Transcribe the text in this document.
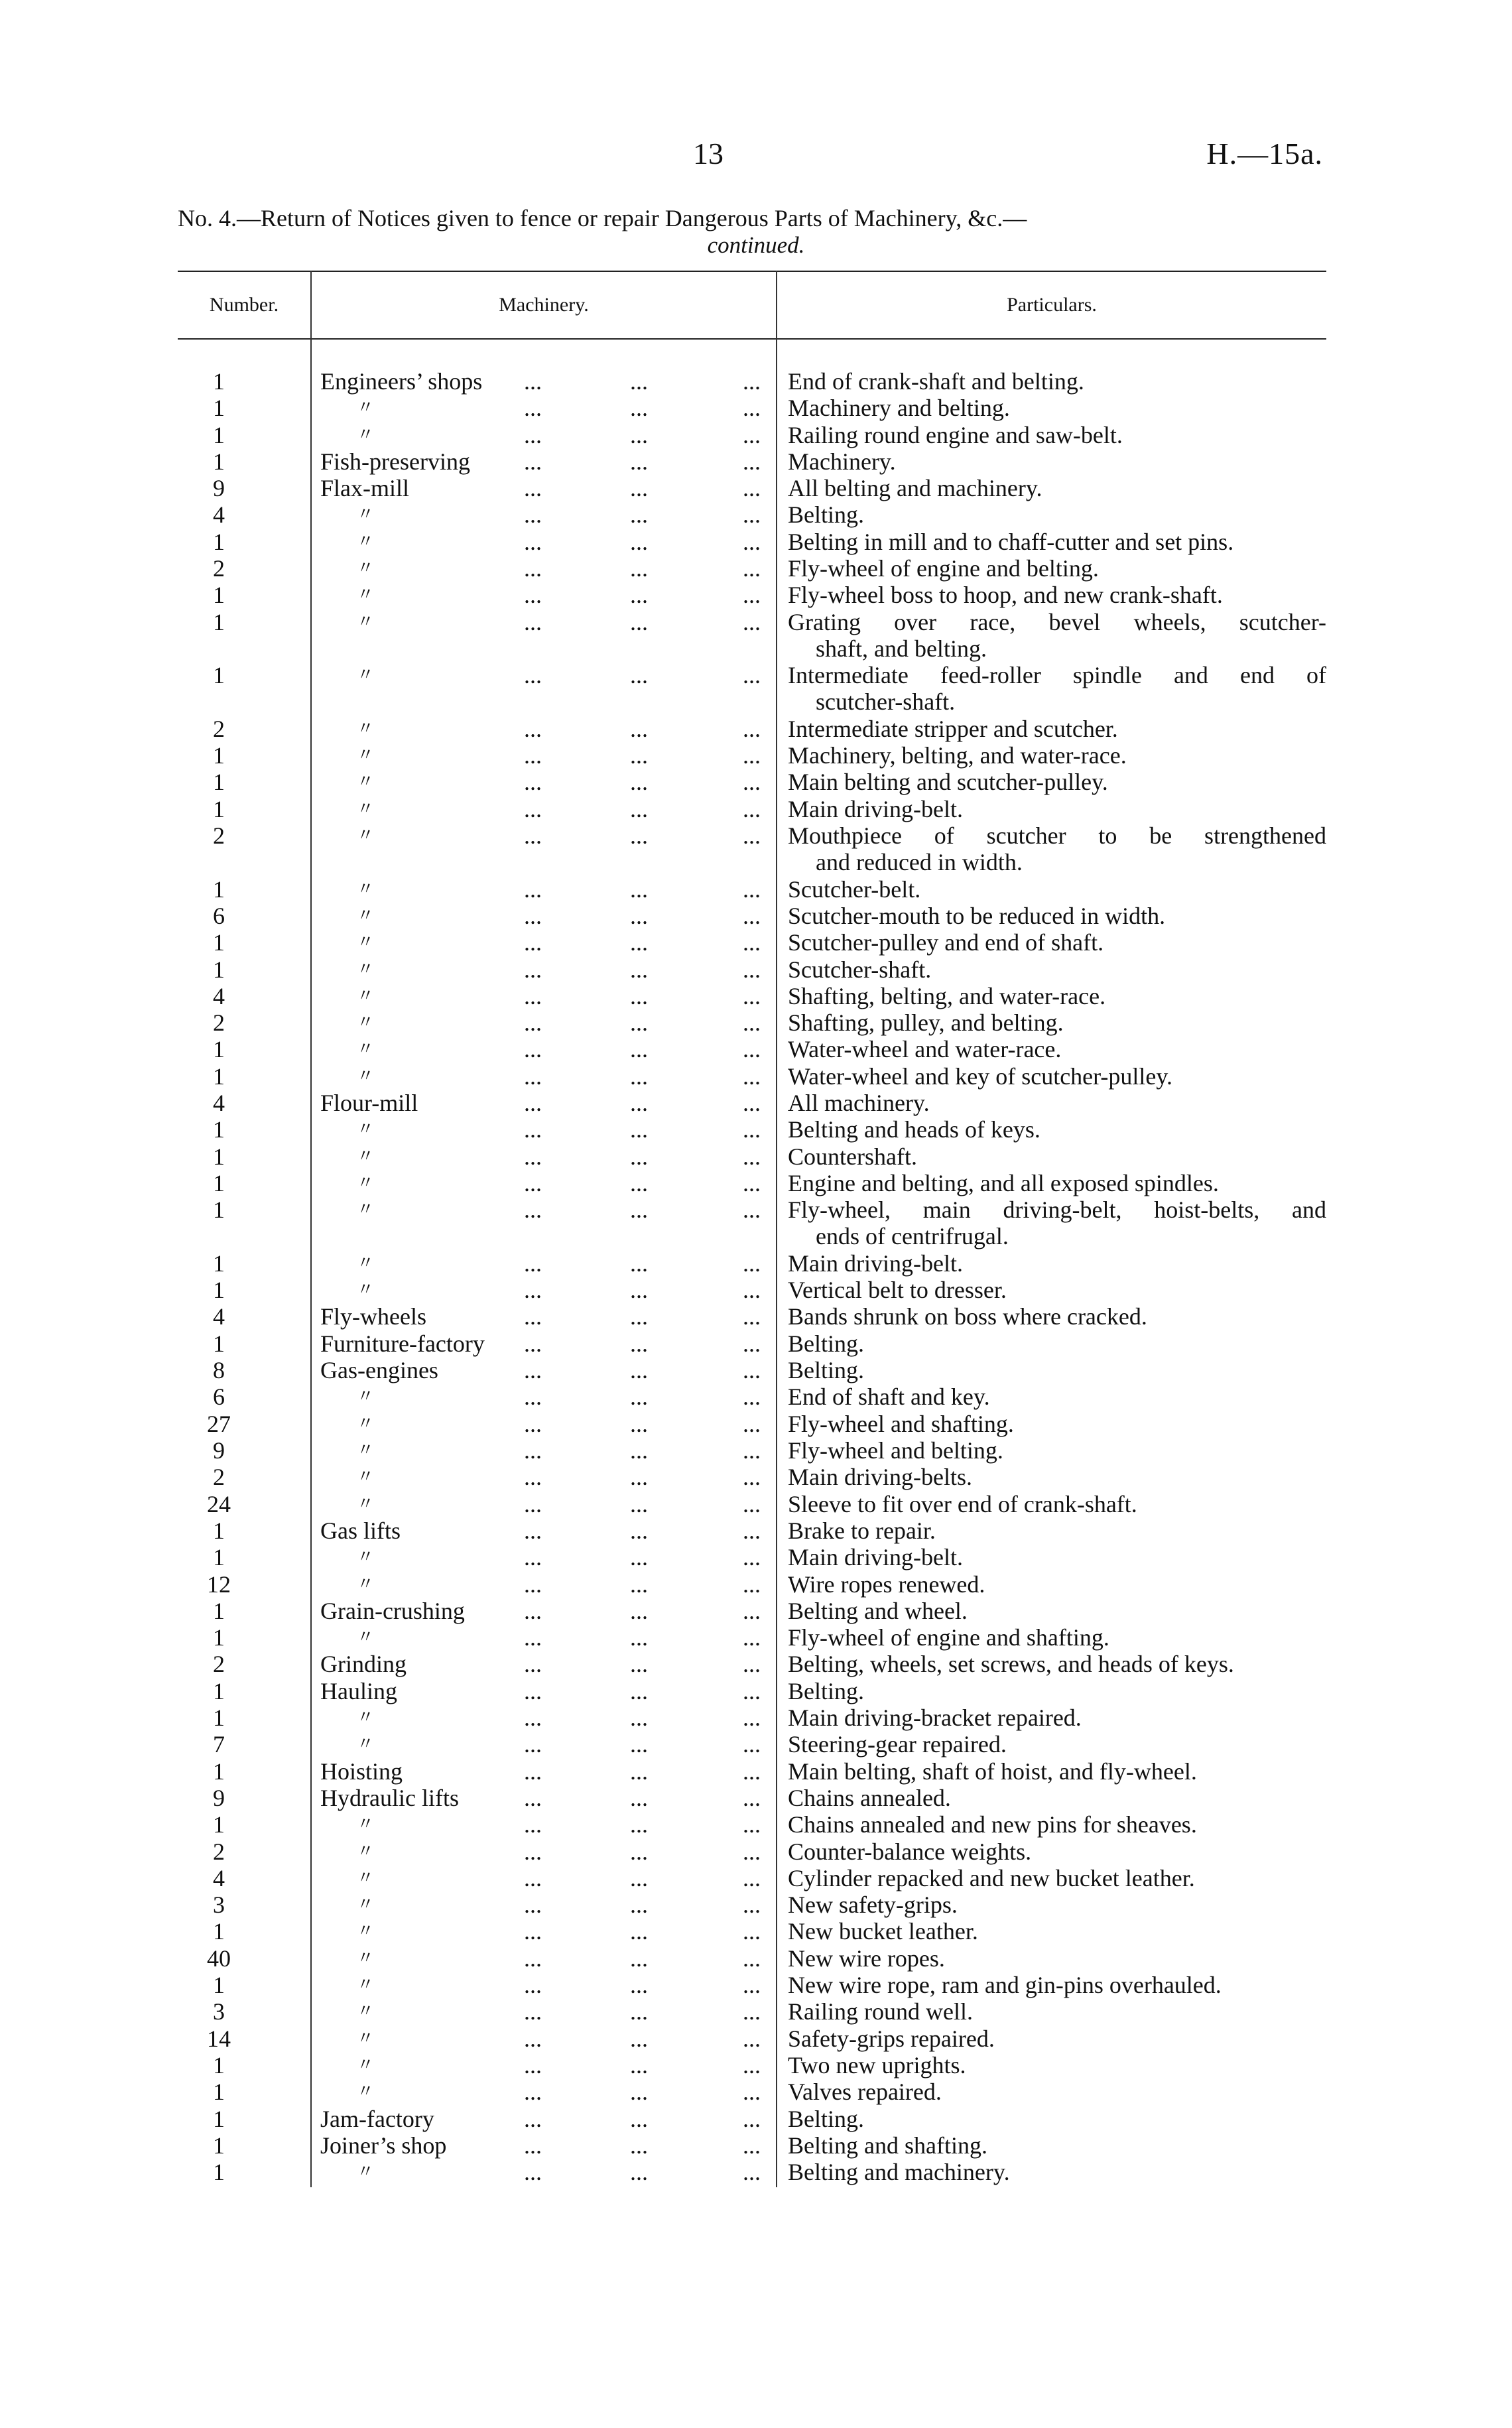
13	H.—15a.
No. 4.—Return of Notices given to fence or repair Dangerous Parts of Machinery, &c.—
continued.
Number.	Machinery.	Particulars.
1	Engineers’ shops ...	...	... End of crank-shaft and belting.
1	〃	...	...	... Machinery and belting.
1	〃	...	...	... Railing round engine and saw-belt.
1	Fish-preserving ...	...	... Machinery.
9	Flax-mill	...	...	... All belting and machinery.
4	〃	...	...	... Belting.
1	〃	...	...	... Belting in mill and to chaff-cutter and set pins.
2	〃	...	...	... Fly-wheel of engine and belting.
1	〃	...	...	... Fly-wheel boss to hoop, and new crank-shaft.
1	〃	...	...	... Grating over race, bevel wheels, scutcher-
shaft, and belting.
1	〃	...	...	... Intermediate feed-roller spindle and end of
scutcher-shaft.
2	〃	...	...	... Intermediate stripper and scutcher.
1	〃	...	...	... Machinery, belting, and water-race.
1	〃	...	...	... Main belting and scutcher-pulley.
1	〃	...	...	... Main driving-belt.
2	〃	...	...	... Mouthpiece of scutcher to be strengthened
and reduced in width.
1	〃	...	...	... Scutcher-belt.
6	〃	...	...	... Scutcher-mouth to be reduced in width.
1	〃	...	...	... Scutcher-pulley and end of shaft.
1	〃	...	...	... Scutcher-shaft.
4	〃	...	...	... Shafting, belting, and water-race.
2	〃	...	...	... Shafting, pulley, and belting.
1	〃	...	...	... Water-wheel and water-race.
1	〃	...	...	... Water-wheel and key of scutcher-pulley.
4	Flour-mill	...	...	... All machinery.
1	〃	...	...	... Belting and heads of keys.
1	〃	...	...	... Countershaft.
1	〃	...	...	... Engine and belting, and all exposed spindles.
1	〃	...	...	... Fly-wheel, main driving-belt, hoist-belts, and
ends of centrifrugal.
1	〃	...	...	... Main driving-belt.
1	〃	...	...	... Vertical belt to dresser.
4	Fly-wheels	...	...	... Bands shrunk on boss where cracked.
1	Furniture-factory ...	...	... Belting.
8	Gas-engines	...	...	... Belting.
6	〃	...	...	... End of shaft and key.
27	〃	...	...	... Fly-wheel and shafting.
9	〃	...	...	... Fly-wheel and belting.
2	〃	...	...	... Main driving-belts.
24	〃	...	...	... Sleeve to fit over end of crank-shaft.
1	Gas lifts	...	...	... Brake to repair.
1	〃	...	...	... Main driving-belt.
12	〃	...	...	... Wire ropes renewed.
1	Grain-crushing ...	...	... Belting and wheel.
1	〃	...	...	... Fly-wheel of engine and shafting.
2	Grinding	...	...	... Belting, wheels, set screws, and heads of keys.
1	Hauling	...	...	... Belting.
1	〃	...	...	... Main driving-bracket repaired.
7	〃	...	...	... Steering-gear repaired.
1	Hoisting	...	...	... Main belting, shaft of hoist, and fly-wheel.
9	Hydraulic lifts	...	...	... Chains annealed.
1	〃	...	...	... Chains annealed and new pins for sheaves.
2	〃	...	...	... Counter-balance weights.
4	〃	...	...	... Cylinder repacked and new bucket leather.
3	〃	...	...	... New safety-grips.
1	〃	...	...	... New bucket leather.
40	〃	...	...	... New wire ropes.
1	〃	...	...	... New wire rope, ram and gin-pins overhauled.
3	〃	...	...	... Railing round well.
14	〃	...	...	... Safety-grips repaired.
1	〃	...	...	... Two new uprights.
1	〃	...	...	... Valves repaired.
1	Jam-factory	...	...	... Belting.
1	Joiner’s shop	...	...	... Belting and shafting.
1	〃	...	...	... Belting and machinery.
